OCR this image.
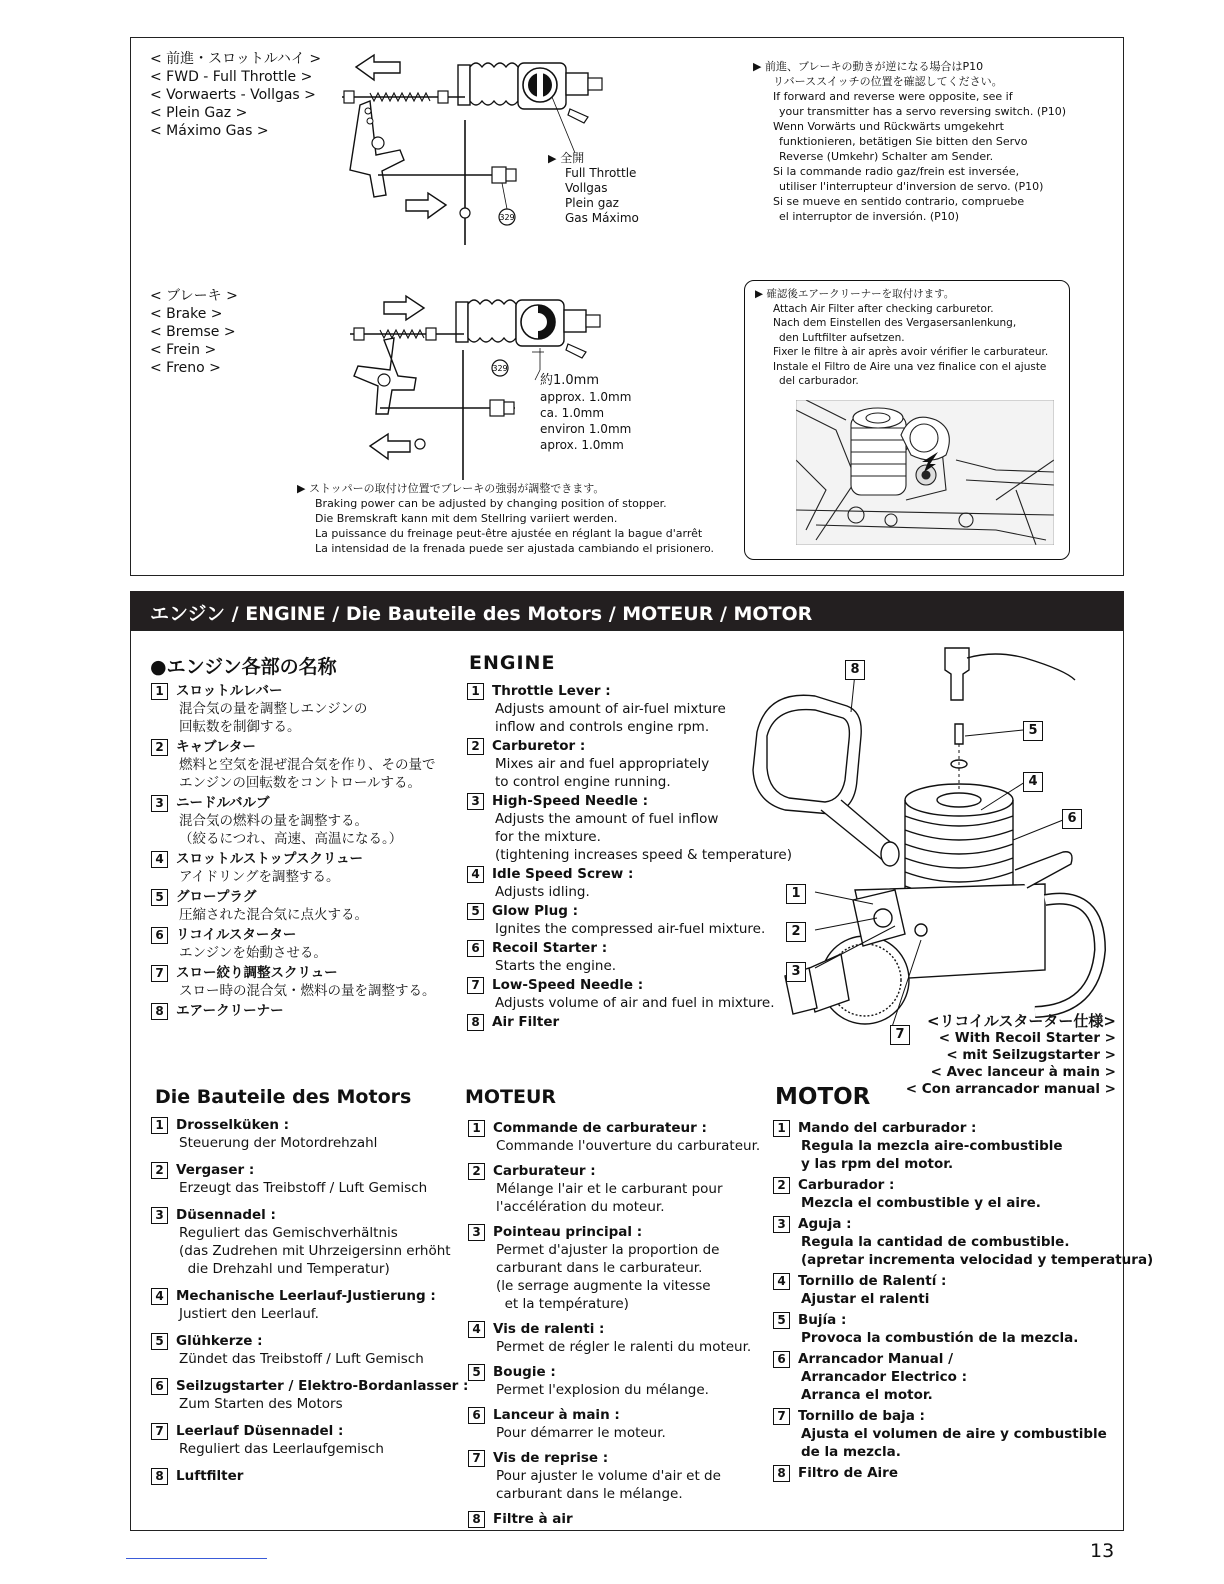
< 前進・スロットルハイ >
< FWD - Full Throttle >
< Vorwaerts - Vollgas >
< Plein Gaz >
< Máximo Gas >
329
▶ 全開
Full Throttle
Vollgas
Plein gaz
Gas Máximo
▶ 前進、ブレーキの動きが逆になる場合はP10
リバーススイッチの位置を確認してください。
If forward and reverse were opposite, see if
your transmitter has a servo reversing switch. (P10)
Wenn Vorwärts und Rückwärts umgekehrt
funktionieren, betätigen Sie bitten den Servo
Reverse (Umkehr) Schalter am Sender.
Si la commande radio gaz/frein est inversée,
utiliser l'interrupteur d'inversion de servo. (P10)
Si se mueve en sentido contrario, compruebe
el interruptor de inversión. (P10)
< ブレーキ >
< Brake >
< Bremse >
< Frein >
< Freno >	329
約1.0mm
approx. 1.0mm
ca. 1.0mm
environ 1.0mm
aprox. 1.0mm
▶ ストッパーの取付け位置でブレーキの強弱が調整できます。
Braking power can be adjusted by changing position of stopper.
Die Bremskraft kann mit dem Stellring variiert werden.
La puissance du freinage peut-être ajustée en réglant la bague d'arrêt
La intensidad de la frenada puede ser ajustada cambiando el prisionero.
▶ 確認後エアークリーナーを取付けます。
Attach Air Filter after checking carburetor.
Nach dem Einstellen des Vergasersanlenkung,
den Luftfilter aufsetzen.
Fixer le filtre à air après avoir vérifier le carburateur.
Instale el Filtro de Aire una vez finalice con el ajuste
del carburador.
エンジン / ENGINE / Die Bauteile des Motors / MOTEUR / MOTOR
●エンジン各部の名称
1 スロットルレバー
混合気の量を調整しエンジンの
回転数を制御する。
2 キャブレター
燃料と空気を混ぜ混合気を作り、その量で
エンジンの回転数をコントロールする。
3 ニードルバルブ
混合気の燃料の量を調整する。
（絞るにつれ、高速、高温になる。）
4 スロットルストップスクリュー
アイドリングを調整する。
5 グロープラグ
圧縮された混合気に点火する。
6 リコイルスターター
エンジンを始動させる。
7 スロー絞り調整スクリュー
スロー時の混合気・燃料の量を調整する。
8 エアークリーナー
ENGINE
1 Throttle Lever :
Adjusts amount of air-fuel mixture
inflow and controls engine rpm.
2 Carburetor :
Mixes air and fuel appropriately
to control engine running.
3 High-Speed Needle :
Adjusts the amount of fuel inflow
for the mixture.
(tightening increases speed & temperature)
4 Idle Speed Screw :
Adjusts idling.
5 Glow Plug :
Ignites the compressed air-fuel mixture.
6 Recoil Starter :
Starts the engine.
7 Low-Speed Needle :
Adjusts volume of air and fuel in mixture.
8 Air Filter
8
5
4
6
1
2
3
7
<リコイルスターター仕様>
< With Recoil Starter >
< mit Seilzugstarter >
< Avec lanceur à main >
< Con arrancador manual >
Die Bauteile des Motors
1 Drosselküken :
Steuerung der Motordrehzahl
2 Vergaser :
Erzeugt das Treibstoff / Luft Gemisch
3 Düsennadel :
Reguliert das Gemischverhältnis
(das Zudrehen mit Uhrzeigersinn erhöht
die Drehzahl und Temperatur)
4 Mechanische Leerlauf-Justierung :
Justiert den Leerlauf.
5 Glühkerze :
Zündet das Treibstoff / Luft Gemisch
6 Seilzugstarter / Elektro-Bordanlasser :
Zum Starten des Motors
7 Leerlauf Düsennadel :
Reguliert das Leerlaufgemisch
8 Luftfilter
MOTEUR
1 Commande de carburateur :
Commande l'ouverture du carburateur.
2 Carburateur :
Mélange l'air et le carburant pour
l'accélération du moteur.
3 Pointeau principal :
Permet d'ajuster la proportion de
carburant dans le carburateur.
(le serrage augmente la vitesse
et la température)
4 Vis de ralenti :
Permet de régler le ralenti du moteur.
5 Bougie :
Permet l'explosion du mélange.
6 Lanceur à main :
Pour démarrer le moteur.
7 Vis de reprise :
Pour ajuster le volume d'air et de
carburant dans le mélange.
8 Filtre à air
MOTOR
1 Mando del carburador :
Regula la mezcla aire-combustible
y las rpm del motor.
2 Carburador :
Mezcla el combustible y el aire.
3 Aguja :
Regula la cantidad de combustible.
(apretar incrementa velocidad y temperatura)
4 Tornillo de Ralentí :
Ajustar el ralenti
5 Bujía :
Provoca la combustión de la mezcla.
6 Arrancador Manual /
Arrancador Electrico :
Arranca el motor.
7 Tornillo de baja :
Ajusta el volumen de aire y combustible
de la mezcla.
8 Filtro de Aire
13
